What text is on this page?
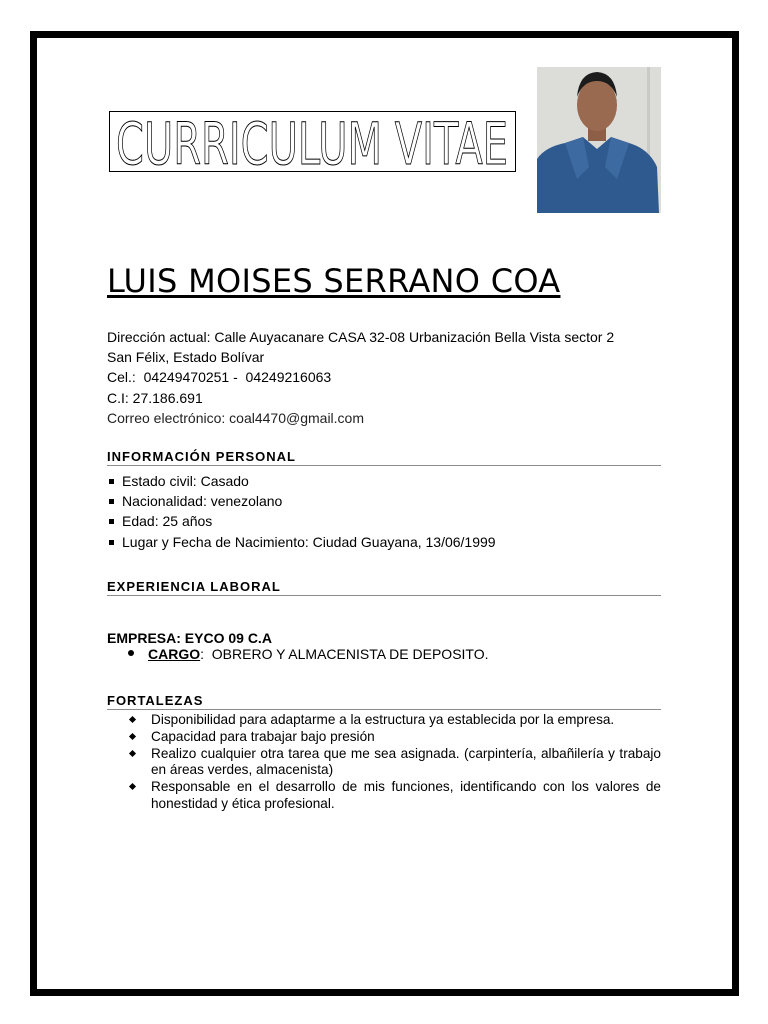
CURRICULUM VITAE
LUIS MOISES SERRANO COA
Dirección actual: Calle Auyacanare CASA 32-08 Urbanización Bella Vista sector 2
San Félix, Estado Bolívar
Cel.:  04249470251 -  04249216063
C.I: 27.186.691
Correo electrónico: coal4470@gmail.com
INFORMACIÓN PERSONAL
Estado civil: Casado
Nacionalidad: venezolano
Edad: 25 años
Lugar y Fecha de Nacimiento: Ciudad Guayana, 13/06/1999
EXPERIENCIA LABORAL
EMPRESA: EYCO 09 C.A
CARGO:  OBRERO Y ALMACENISTA DE DEPOSITO.
FORTALEZAS
Disponibilidad para adaptarme a la estructura ya establecida por la empresa.
Capacidad para trabajar bajo presión
Realizo cualquier otra tarea que me sea asignada. (carpintería, albañilería y trabajo en áreas verdes, almacenista)
Responsable en el desarrollo de mis funciones, identificando con los valores de honestidad y ética profesional.
